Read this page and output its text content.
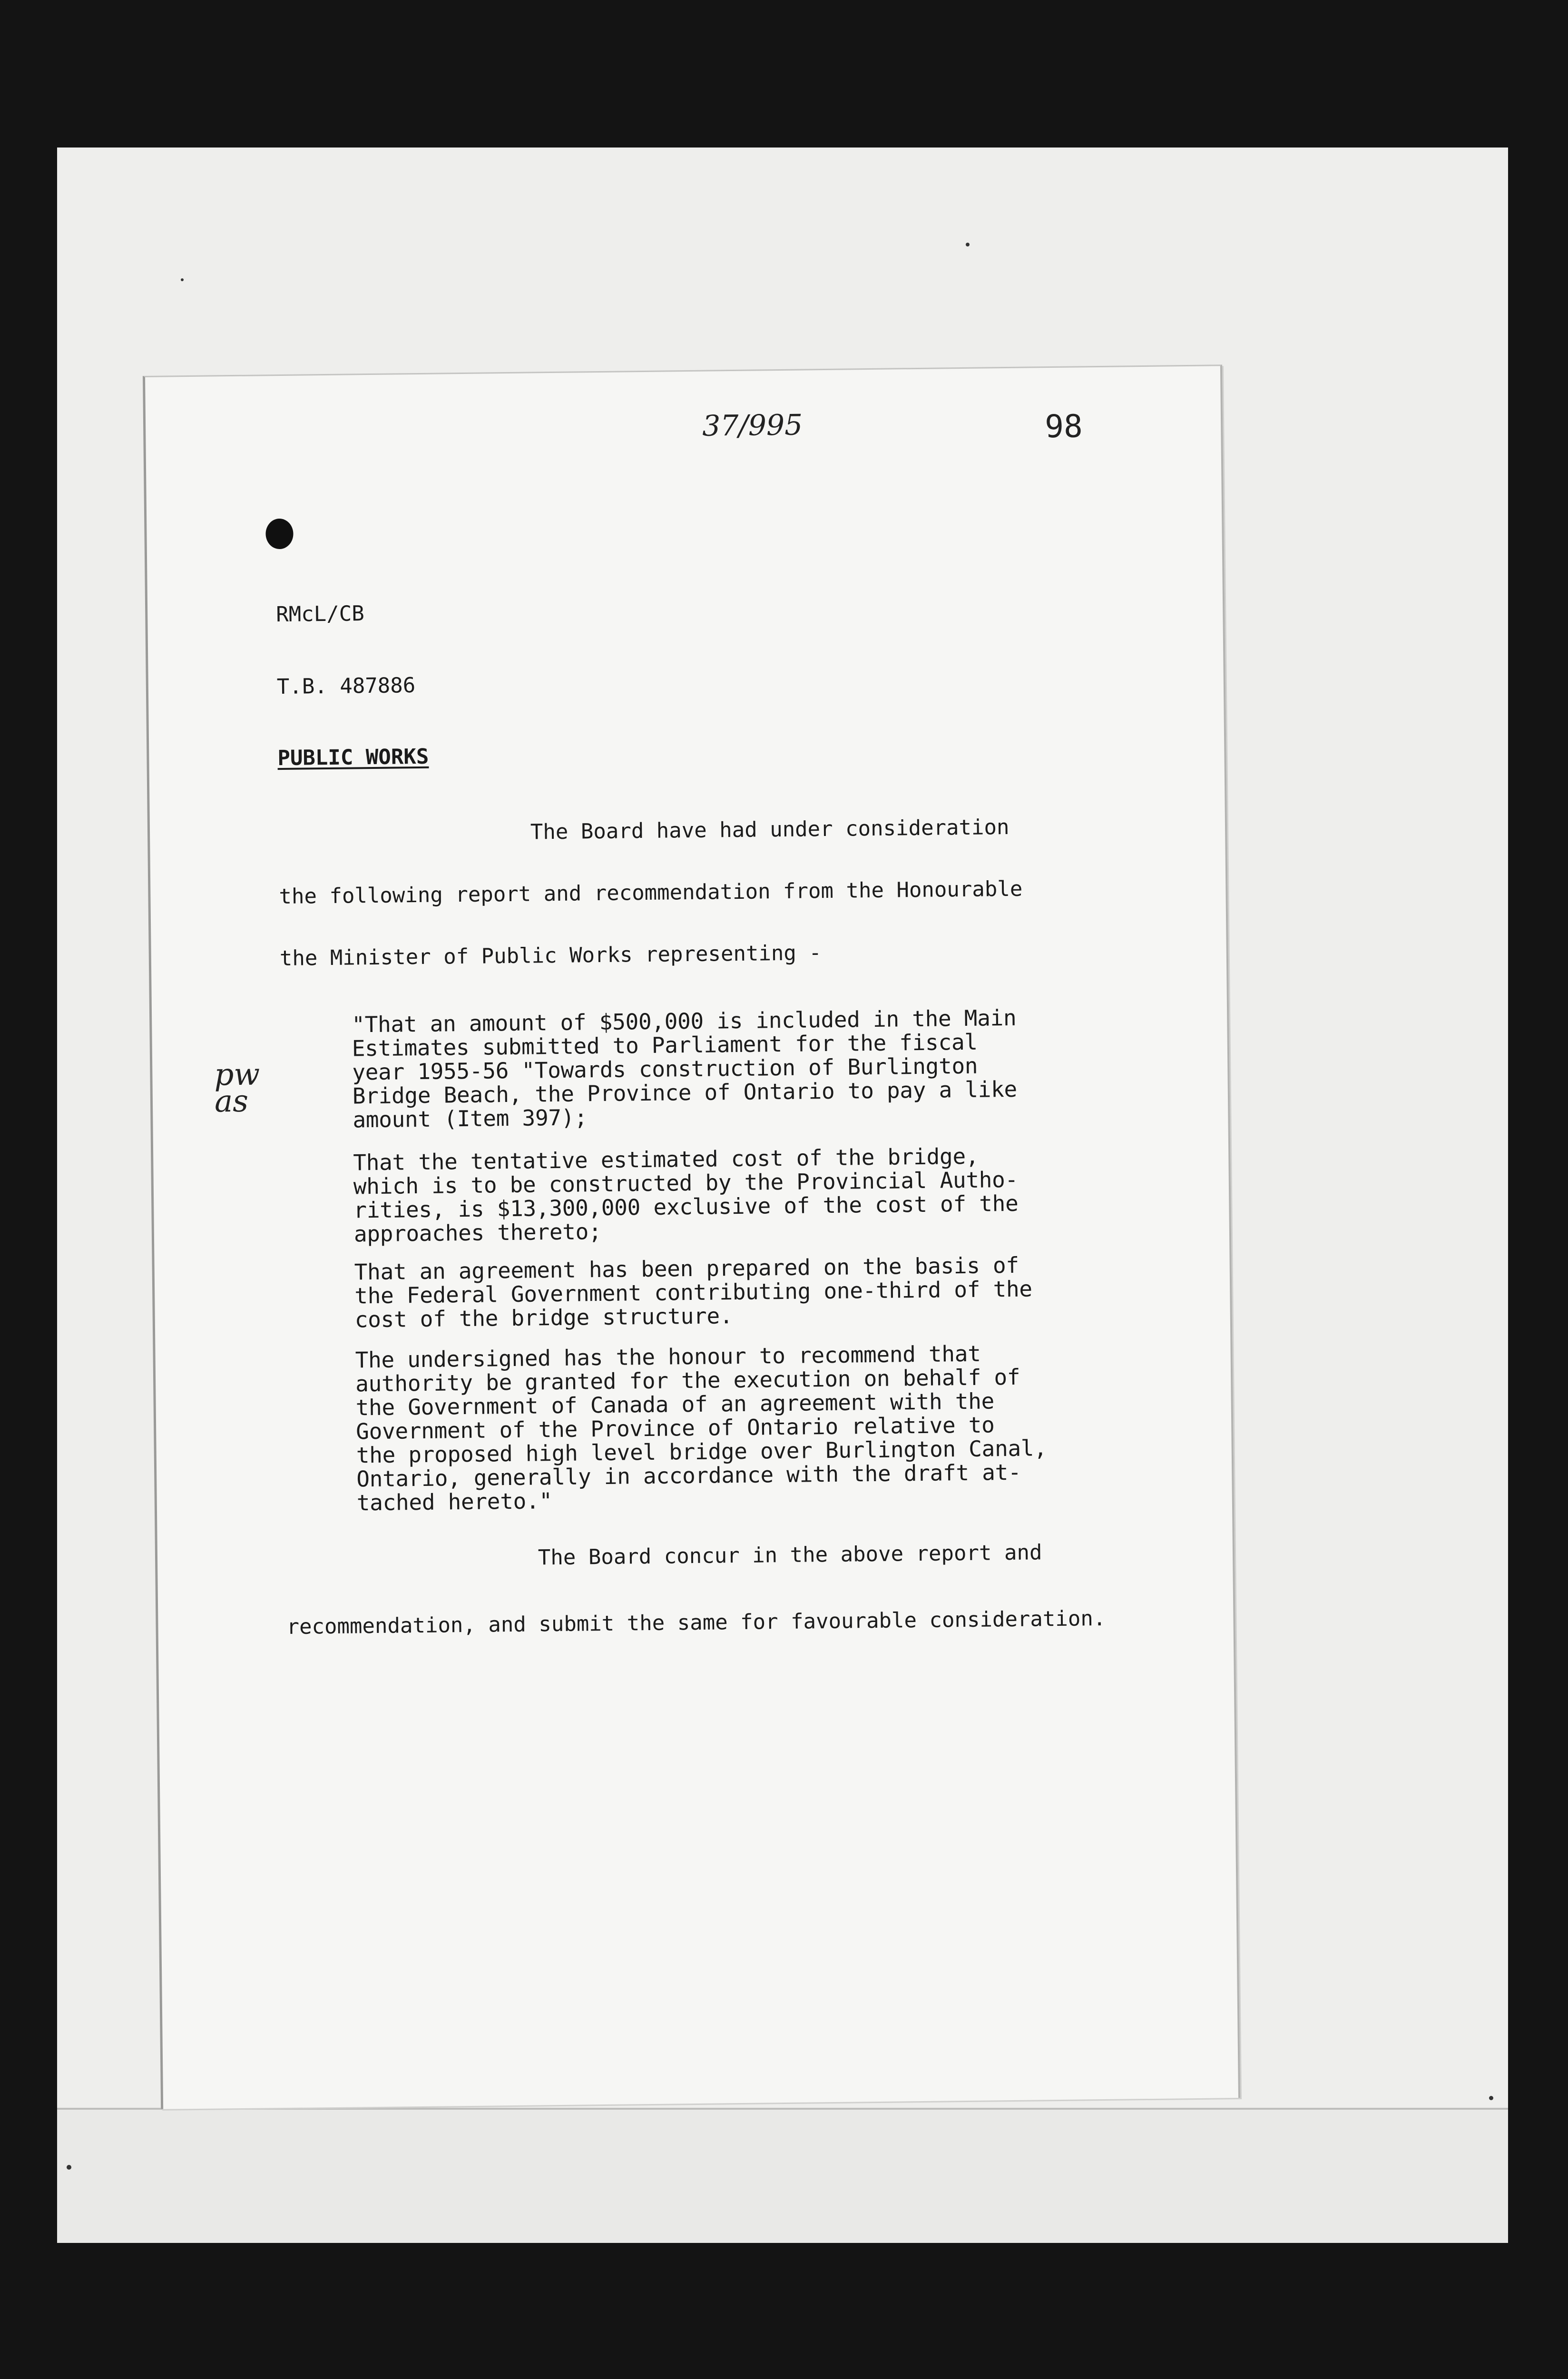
37/995	98
RMcL/CB
T.B. 487886
PUBLIC WORKS
The Board have had under consideration
the following report and recommendation from the Honourable
the Minister of Public Works representing -
pw
as
"That an amount of $500,000 is included in the Main
Estimates submitted to Parliament for the fiscal
year 1955-56 "Towards construction of Burlington
Bridge Beach, the Province of Ontario to pay a like
amount (Item 397);
That the tentative estimated cost of the bridge,
which is to be constructed by the Provincial Autho-
rities, is $13,300,000 exclusive of the cost of the
approaches thereto;
That an agreement has been prepared on the basis of
the Federal Government contributing one-third of the
cost of the bridge structure.
The undersigned has the honour to recommend that
authority be granted for the execution on behalf of
the Government of Canada of an agreement with the
Government of the Province of Ontario relative to
the proposed high level bridge over Burlington Canal,
Ontario, generally in accordance with the draft at-
tached hereto."
The Board concur in the above report and
recommendation, and submit the same for favourable consideration.
